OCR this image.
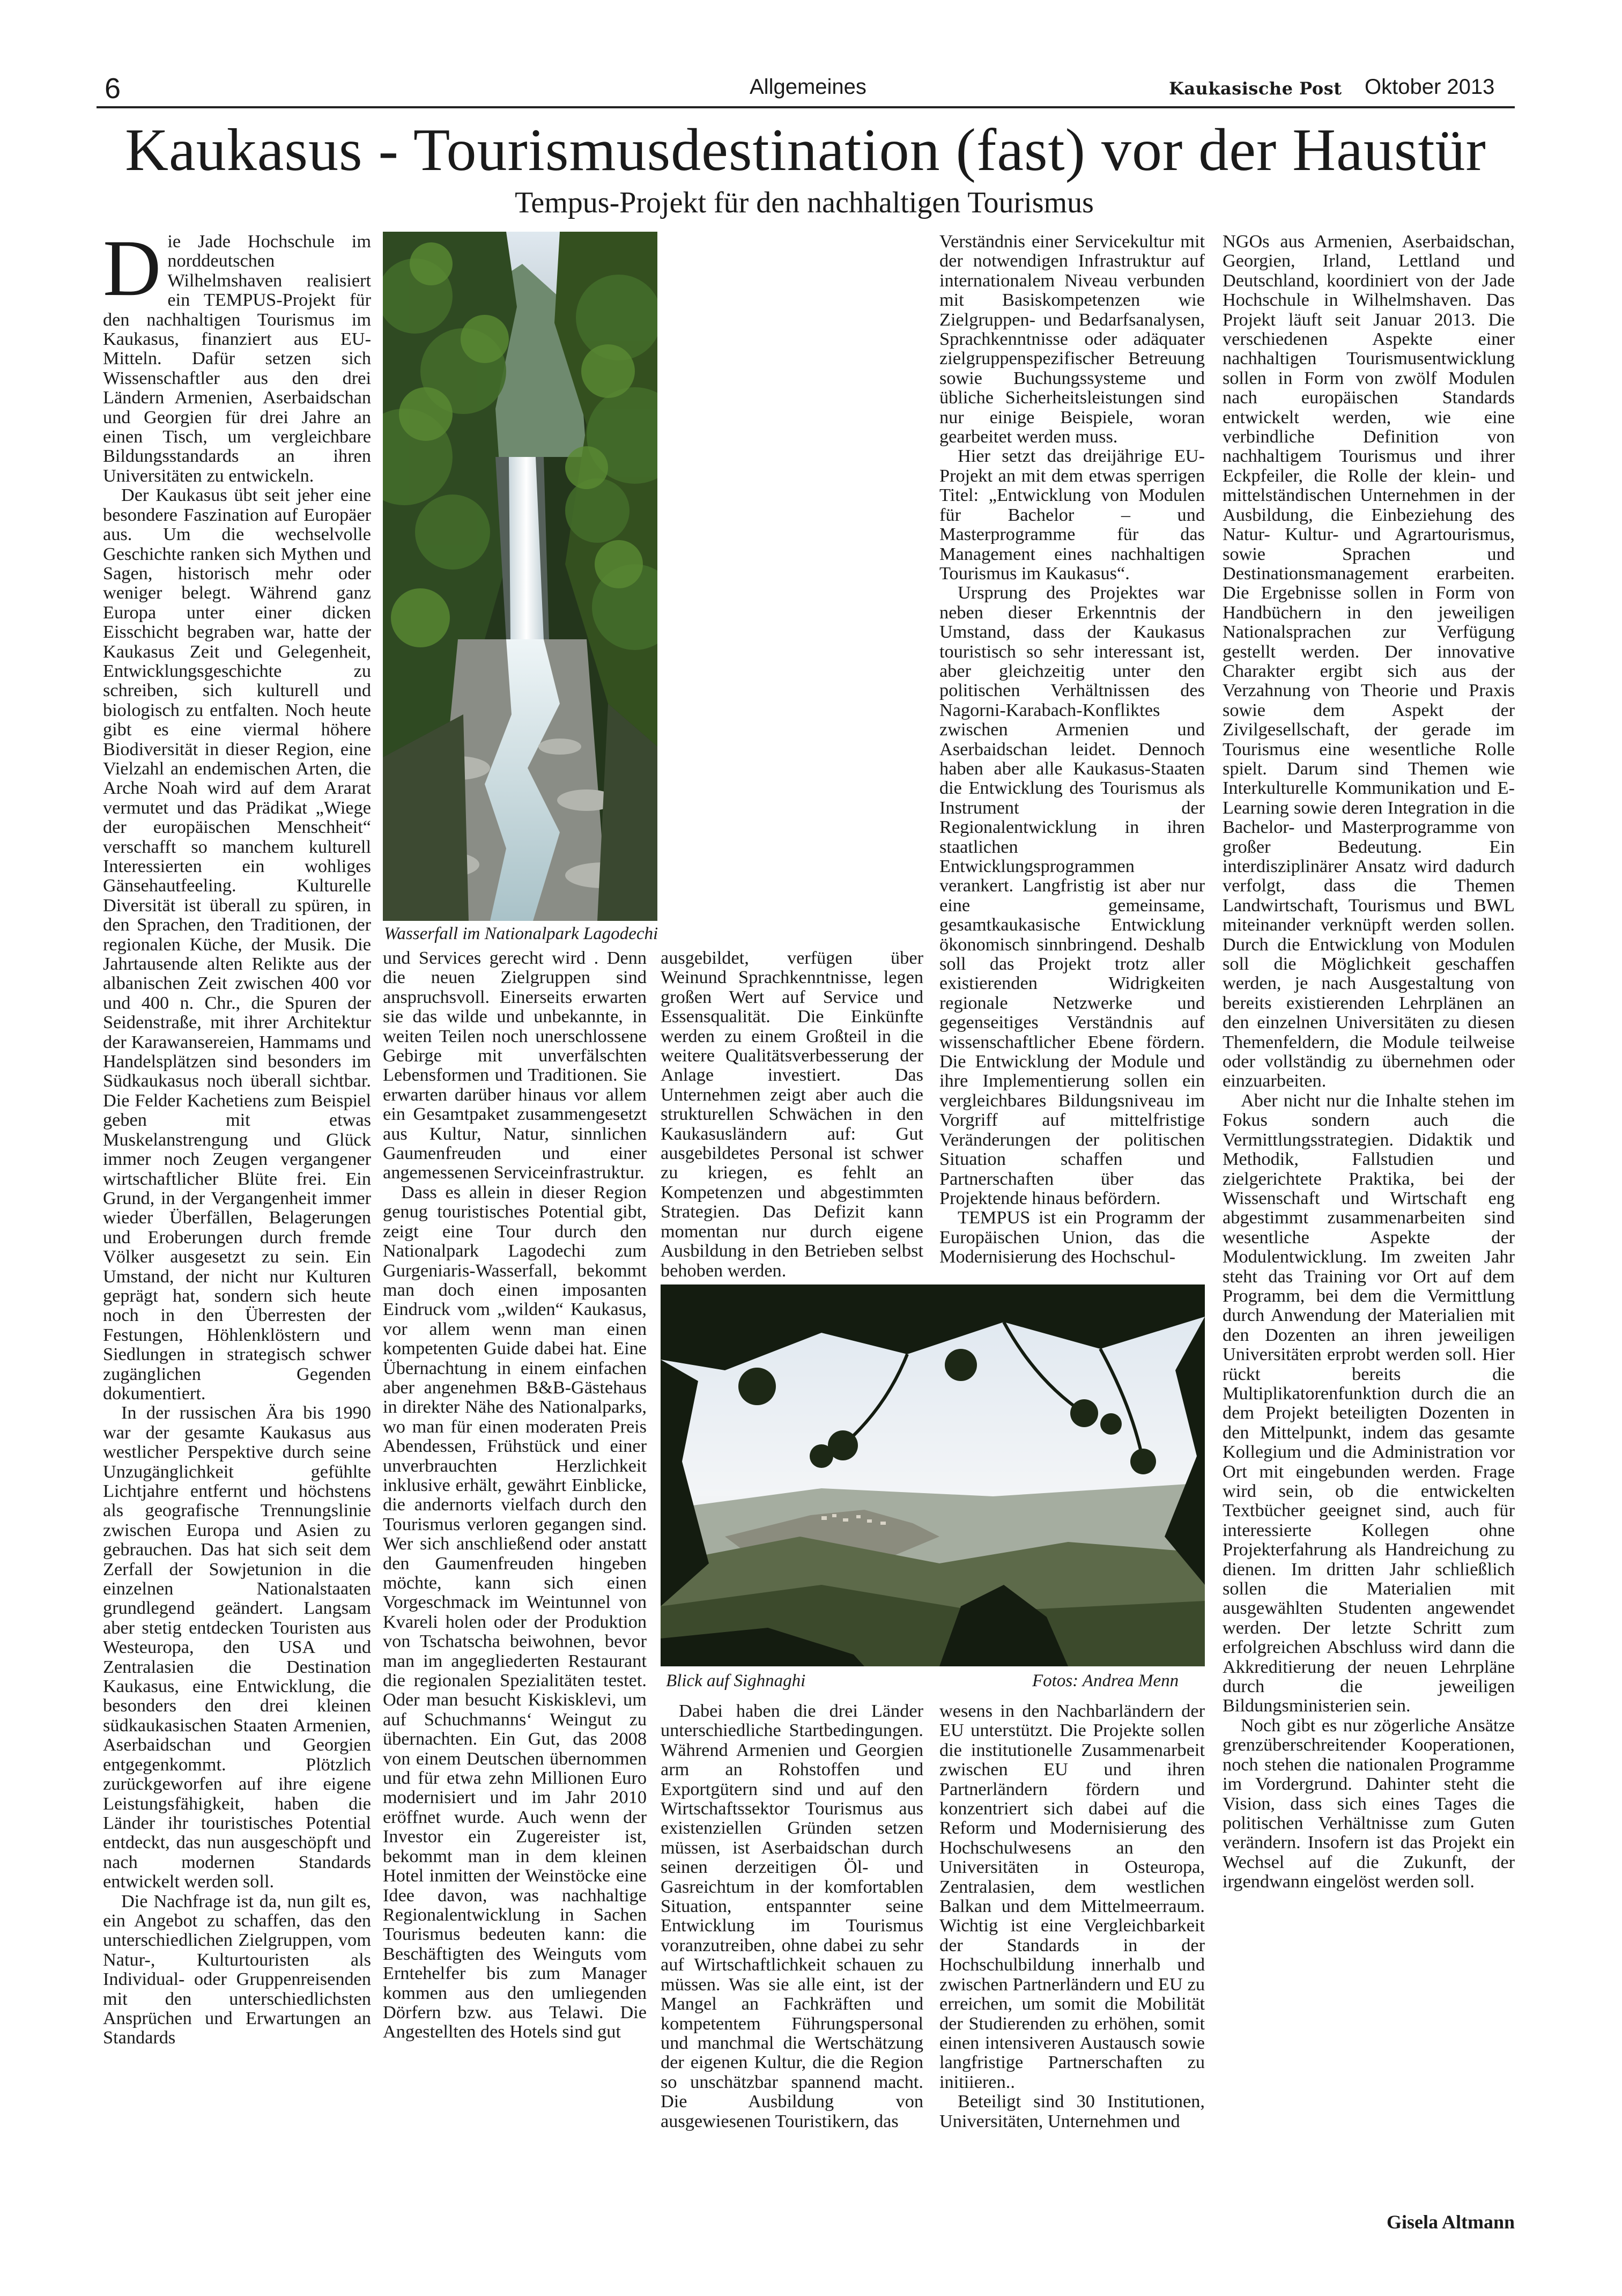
6	Allgemeines	Kaukasische Post Oktober 2013
Kaukasus - Tourismusdestination (fast) vor der Haustür
Tempus-Projekt für den nachhaltigen Tourismus
D ie Jade Hochschule im norddeutschen Wilhelmshaven realisiert ein TEMPUS-Projekt für den nachhaltigen Tourismus im Kaukasus, finanziert aus EU-Mitteln. Dafür setzen sich Wissenschaftler aus den drei Ländern Armenien, Aserbaidschan und Georgien für drei Jahre an einen Tisch, um vergleichbare Bildungsstandards an ihren Universitäten zu entwickeln.

Der Kaukasus übt seit jeher eine besondere Faszination auf Europäer aus. Um die wechselvolle Geschichte ranken sich Mythen und Sagen, historisch mehr oder weniger belegt. Während ganz Europa unter einer dicken Eisschicht begraben war, hatte der Kaukasus Zeit und Gelegenheit, Entwicklungsgeschichte zu schreiben, sich kulturell und biologisch zu entfalten. Noch heute gibt es eine viermal höhere Biodiversität in dieser Region, eine Vielzahl an endemischen Arten, die Arche Noah wird auf dem Ararat vermutet und das Prädikat „Wiege der europäischen Menschheit“ verschafft so manchem kulturell Interessierten ein wohliges Gänsehautfeeling. Kulturelle Diversität ist überall zu spüren, in den Sprachen, den Traditionen, der regionalen Küche, der Musik. Die Jahrtausende alten Relikte aus der albanischen Zeit zwischen 400 vor und 400 n. Chr., die Spuren der Seidenstraße, mit ihrer Architektur der Karawansereien, Hammams und Handelsplätzen sind besonders im Südkaukasus noch überall sichtbar. Die Felder Kachetiens zum Beispiel geben mit etwas Muskelanstrengung und Glück immer noch Zeugen vergangener wirtschaftlicher Blüte frei. Ein Grund, in der Vergangenheit immer wieder Überfällen, Belagerungen und Eroberungen durch fremde Völker ausgesetzt zu sein. Ein Umstand, der nicht nur Kulturen geprägt hat, sondern sich heute noch in den Überresten der Festungen, Höhlenklöstern und Siedlungen in strategisch schwer zugänglichen Gegenden dokumentiert.

In der russischen Ära bis 1990 war der gesamte Kaukasus aus westlicher Perspektive durch seine Unzugänglichkeit gefühlte Lichtjahre entfernt und höchstens als geografische Trennungslinie zwischen Europa und Asien zu gebrauchen. Das hat sich seit dem Zerfall der Sowjetunion in die einzelnen Nationalstaaten grundlegend geändert. Langsam aber stetig entdecken Touristen aus Westeuropa, den USA und Zentralasien die Destination Kaukasus, eine Entwicklung, die besonders den drei kleinen südkaukasischen Staaten Armenien, Aserbaidschan und Georgien entgegenkommt. Plötzlich zurückgeworfen auf ihre eigene Leistungsfähigkeit, haben die Länder ihr touristisches Potential entdeckt, das nun ausgeschöpft und nach modernen Standards entwickelt werden soll.

Die Nachfrage ist da, nun gilt es, ein Angebot zu schaffen, das den unterschiedlichen Zielgruppen, vom Natur-, Kulturtouristen als Individual- oder Gruppenreisenden mit den unterschiedlichsten Ansprüchen und Erwartungen an Standards

Wasserfall im Nationalpark Lagodechi

und Services gerecht wird . Denn die neuen Zielgruppen sind anspruchsvoll. Einerseits erwarten sie das wilde und unbekannte, in weiten Teilen noch unerschlossene Gebirge mit unverfälschten Lebensformen und Traditionen. Sie erwarten darüber hinaus vor allem ein Gesamtpaket zusammengesetzt aus Kultur, Natur, sinnlichen Gaumenfreuden und einer angemessenen Serviceinfrastruktur.

Dass es allein in dieser Region genug touristisches Potential gibt, zeigt eine Tour durch den Nationalpark Lagodechi zum Gurgeniaris-Wasserfall, bekommt man doch einen imposanten Eindruck vom „wilden“ Kaukasus, vor allem wenn man einen kompetenten Guide dabei hat. Eine Übernachtung in einem einfachen aber angenehmen B&B-Gästehaus in direkter Nähe des Nationalparks, wo man für einen moderaten Preis Abendessen, Frühstück und einer unverbrauchten Herzlichkeit inklusive erhält, gewährt Einblicke, die andernorts vielfach durch den Tourismus verloren gegangen sind. Wer sich anschließend oder anstatt den Gaumenfreuden hingeben möchte, kann sich einen Vorgeschmack im Weintunnel von Kvareli holen oder der Produktion von Tschatscha beiwohnen, bevor man im angegliederten Restaurant die regionalen Spezialitäten testet. Oder man besucht Kiskisklevi, um auf Schuchmanns‘ Weingut zu übernachten. Ein Gut, das 2008 von einem Deutschen übernommen und für etwa zehn Millionen Euro modernisiert und im Jahr 2010 eröffnet wurde. Auch wenn der Investor ein Zugereister ist, bekommt man in dem kleinen Hotel inmitten der Weinstöcke eine Idee davon, was nachhaltige Regionalentwicklung in Sachen Tourismus bedeuten kann: die Beschäftigten des Weinguts vom Erntehelfer bis zum Manager kommen aus den umliegenden Dörfern bzw. aus Telawi. Die Angestellten des Hotels sind gut

ausgebildet, verfügen über Weinund Sprachkenntnisse, legen großen Wert auf Service und Essensqualität. Die Einkünfte werden zu einem Großteil in die weitere Qualitätsverbesserung der Anlage investiert. Das Unternehmen zeigt aber auch die strukturellen Schwächen in den Kaukasusländern auf: Gut ausgebildetes Personal ist schwer zu kriegen, es fehlt an Kompetenzen und abgestimmten Strategien. Das Defizit kann momentan nur durch eigene Ausbildung in den Betrieben selbst behoben werden.

Verständnis einer Servicekultur mit der notwendigen Infrastruktur auf internationalem Niveau verbunden mit Basiskompetenzen wie Zielgruppen- und Bedarfsanalysen, Sprachkenntnisse oder adäquater zielgruppenspezifischer Betreuung sowie Buchungssysteme und übliche Sicherheitsleistungen sind nur einige Beispiele, woran gearbeitet werden muss.

Hier setzt das dreijährige EU-Projekt an mit dem etwas sperrigen Titel: „Entwicklung von Modulen für Bachelor – und Masterprogramme für das Management eines nachhaltigen Tourismus im Kaukasus“.

Ursprung des Projektes war neben dieser Erkenntnis der Umstand, dass der Kaukasus touristisch so sehr interessant ist, aber gleichzeitig unter den politischen Verhältnissen des Nagorni-Karabach-Konfliktes zwischen Armenien und Aserbaidschan leidet. Dennoch haben aber alle Kaukasus-Staaten die Entwicklung des Tourismus als Instrument der Regionalentwicklung in ihren staatlichen Entwicklungsprogrammen verankert. Langfristig ist aber nur eine gemeinsame, gesamtkaukasische Entwicklung ökonomisch sinnbringend. Deshalb soll das Projekt trotz aller existierenden Widrigkeiten regionale Netzwerke und gegenseitiges Verständnis auf wissenschaftlicher Ebene fördern. Die Entwicklung der Module und ihre Implementierung sollen ein vergleichbares Bildungsniveau im Vorgriff auf mittelfristige Veränderungen der politischen Situation schaffen und Partnerschaften über das Projektende hinaus befördern.

TEMPUS ist ein Programm der Europäischen Union, das die Modernisierung des Hochschul-

Blick auf Sighnaghi	Fotos: Andrea Menn

Dabei haben die drei Länder unterschiedliche Startbedingungen. Während Armenien und Georgien arm an Rohstoffen und Exportgütern sind und auf den Wirtschaftssektor Tourismus aus existenziellen Gründen setzen müssen, ist Aserbaidschan durch seinen derzeitigen Öl- und Gasreichtum in der komfortablen Situation, entspannter seine Entwicklung im Tourismus voranzutreiben, ohne dabei zu sehr auf Wirtschaftlichkeit schauen zu müssen. Was sie alle eint, ist der Mangel an Fachkräften und kompetentem Führungspersonal und manchmal die Wertschätzung der eigenen Kultur, die die Region so unschätzbar spannend macht. Die Ausbildung von ausgewiesenen Touristikern, das

wesens in den Nachbarländern der EU unterstützt. Die Projekte sollen die institutionelle Zusammenarbeit zwischen EU und ihren Partnerländern fördern und konzentriert sich dabei auf die Reform und Modernisierung des Hochschulwesens an den Universitäten in Osteuropa, Zentralasien, dem westlichen Balkan und dem Mittelmeerraum. Wichtig ist eine Vergleichbarkeit der Standards in der Hochschulbildung innerhalb und zwischen Partnerländern und EU zu erreichen, um somit die Mobilität der Studierenden zu erhöhen, somit einen intensiveren Austausch sowie langfristige Partnerschaften zu initiieren..

Beteiligt sind 30 Institutionen, Universitäten, Unternehmen und

NGOs aus Armenien, Aserbaidschan, Georgien, Irland, Lettland und Deutschland, koordiniert von der Jade Hochschule in Wilhelmshaven. Das Projekt läuft seit Januar 2013. Die verschiedenen Aspekte einer nachhaltigen Tourismusentwicklung sollen in Form von zwölf Modulen nach europäischen Standards entwickelt werden, wie eine verbindliche Definition von nachhaltigem Tourismus und ihrer Eckpfeiler, die Rolle der klein- und mittelständischen Unternehmen in der Ausbildung, die Einbeziehung des Natur- Kultur- und Agrartourismus, sowie Sprachen und Destinationsmanagement erarbeiten. Die Ergebnisse sollen in Form von Handbüchern in den jeweiligen Nationalsprachen zur Verfügung gestellt werden. Der innovative Charakter ergibt sich aus der Verzahnung von Theorie und Praxis sowie dem Aspekt der Zivilgesellschaft, der gerade im Tourismus eine wesentliche Rolle spielt. Darum sind Themen wie Interkulturelle Kommunikation und E-Learning sowie deren Integration in die Bachelor- und Masterprogramme von großer Bedeutung. Ein interdisziplinärer Ansatz wird dadurch verfolgt, dass die Themen Landwirtschaft, Tourismus und BWL miteinander verknüpft werden sollen. Durch die Entwicklung von Modulen soll die Möglichkeit geschaffen werden, je nach Ausgestaltung von bereits existierenden Lehrplänen an den einzelnen Universitäten zu diesen Themenfeldern, die Module teilweise oder vollständig zu übernehmen oder einzuarbeiten.

Aber nicht nur die Inhalte stehen im Fokus sondern auch die Vermittlungsstrategien. Didaktik und Methodik, Fallstudien und zielgerichtete Praktika, bei der Wissenschaft und Wirtschaft eng abgestimmt zusammenarbeiten sind wesentliche Aspekte der Modulentwicklung. Im zweiten Jahr steht das Training vor Ort auf dem Programm, bei dem die Vermittlung durch Anwendung der Materialien mit den Dozenten an ihren jeweiligen Universitäten erprobt werden soll. Hier rückt bereits die Multiplikatorenfunktion durch die an dem Projekt beteiligten Dozenten in den Mittelpunkt, indem das gesamte Kollegium und die Administration vor Ort mit eingebunden werden. Frage wird sein, ob die entwickelten Textbücher geeignet sind, auch für interessierte Kollegen ohne Projekterfahrung als Handreichung zu dienen. Im dritten Jahr schließlich sollen die Materialien mit ausgewählten Studenten angewendet werden. Der letzte Schritt zum erfolgreichen Abschluss wird dann die Akkreditierung der neuen Lehrpläne durch die jeweiligen Bildungsministerien sein.

Noch gibt es nur zögerliche Ansätze grenzüberschreitender Kooperationen, noch stehen die nationalen Programme im Vordergrund. Dahinter steht die Vision, dass sich eines Tages die politischen Verhältnisse zum Guten verändern. Insofern ist das Projekt ein Wechsel auf die Zukunft, der irgendwann eingelöst werden soll.

Gisela Altmann
